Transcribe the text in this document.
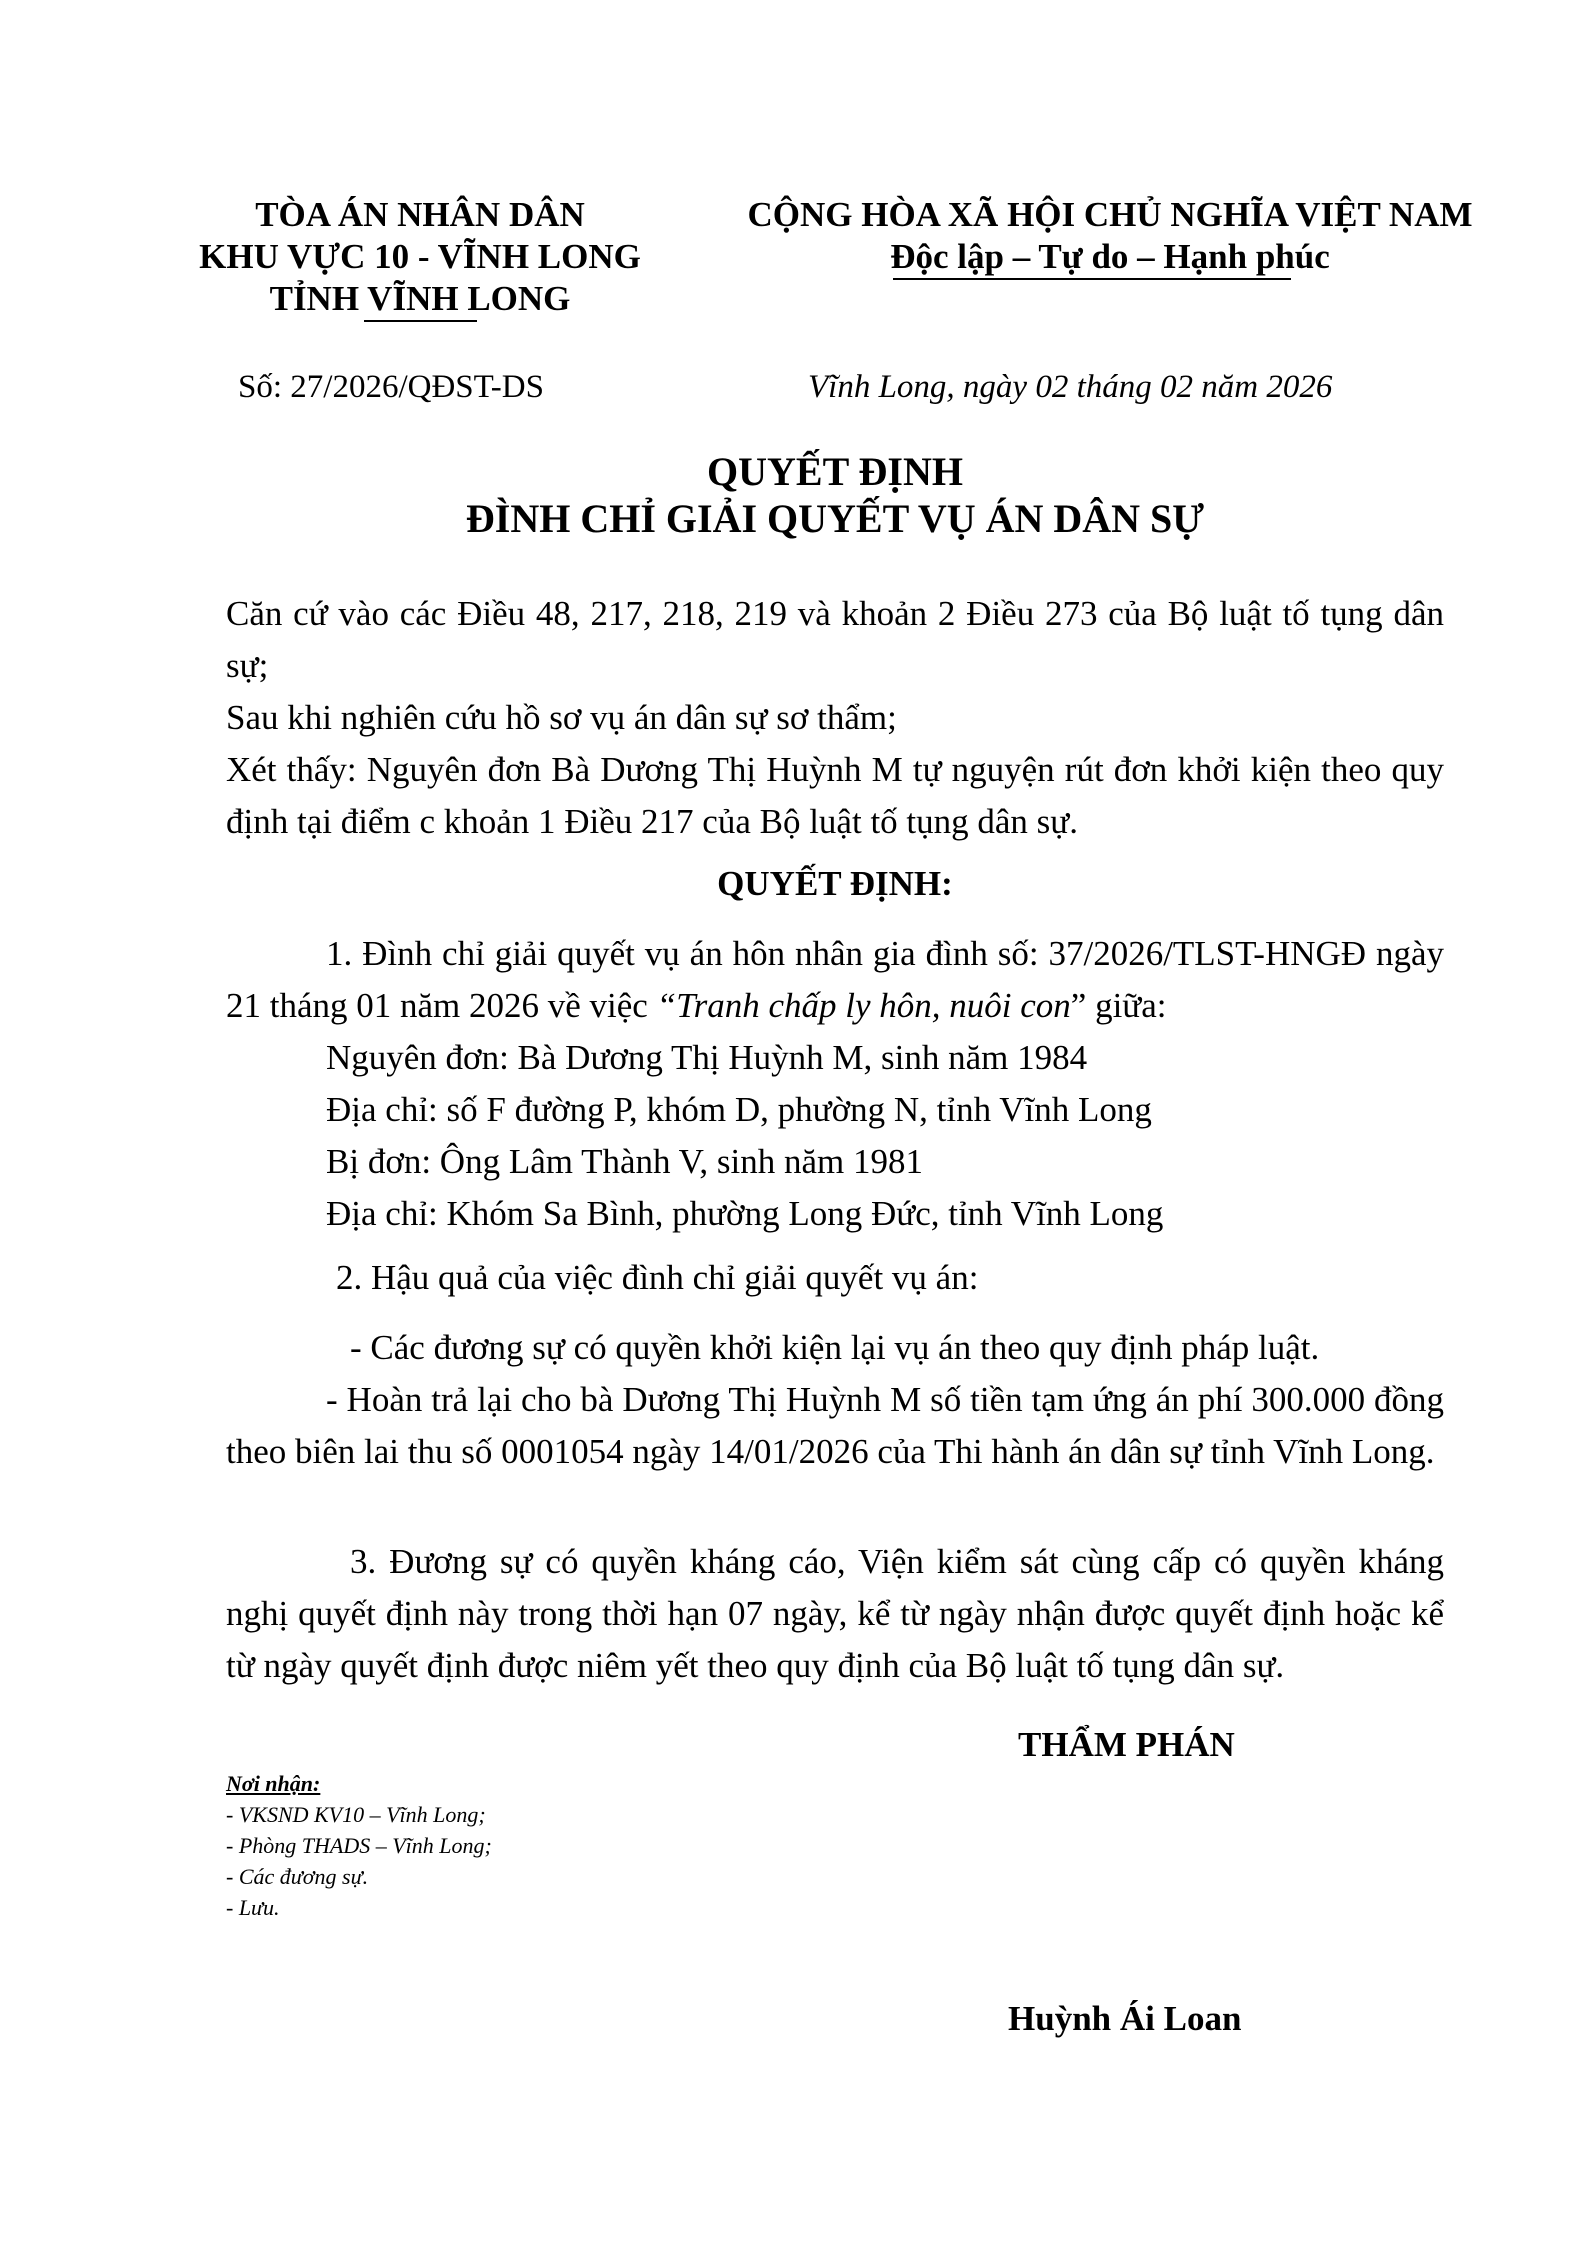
TÒA ÁN NHÂN DÂN
KHU VỰC 10 - VĨNH LONG
TỈNH VĨNH LONG
CỘNG HÒA XÃ HỘI CHỦ NGHĨA VIỆT NAM
Độc lập – Tự do – Hạnh phúc
Số: 27/2026/QĐST-DS	Vĩnh Long, ngày 02 tháng 02 năm 2026
QUYẾT ĐỊNH
ĐÌNH CHỈ GIẢI QUYẾT VỤ ÁN DÂN SỰ
Căn cứ vào các Điều 48, 217, 218, 219 và khoản 2 Điều 273 của Bộ luật tố tụng dân sự;
Sau khi nghiên cứu hồ sơ vụ án dân sự sơ thẩm;
Xét thấy: Nguyên đơn Bà Dương Thị Huỳnh M tự nguyện rút đơn khởi kiện theo quy định tại điểm c khoản 1 Điều 217 của Bộ luật tố tụng dân sự.
QUYẾT ĐỊNH:
1. Đình chỉ giải quyết vụ án hôn nhân gia đình số: 37/2026/TLST-HNGĐ ngày 21 tháng 01 năm 2026 về việc “Tranh chấp ly hôn, nuôi con” giữa:
Nguyên đơn: Bà Dương Thị Huỳnh M, sinh năm 1984
Địa chỉ: số F đường P, khóm D, phường N, tỉnh Vĩnh Long
Bị đơn: Ông Lâm Thành V, sinh năm 1981
Địa chỉ: Khóm Sa Bình, phường Long Đức, tỉnh Vĩnh Long
2. Hậu quả của việc đình chỉ giải quyết vụ án:
- Các đương sự có quyền khởi kiện lại vụ án theo quy định pháp luật.
- Hoàn trả lại cho bà Dương Thị Huỳnh M số tiền tạm ứng án phí 300.000 đồng theo biên lai thu số 0001054 ngày 14/01/2026 của Thi hành án dân sự tỉnh Vĩnh Long.
3. Đương sự có quyền kháng cáo, Viện kiểm sát cùng cấp có quyền kháng nghị quyết định này trong thời hạn 07 ngày, kể từ ngày nhận được quyết định hoặc kể từ ngày quyết định được niêm yết theo quy định của Bộ luật tố tụng dân sự.
THẨM PHÁN
Nơi nhận:
- VKSND KV10 – Vĩnh Long;
- Phòng THADS – Vĩnh Long;
- Các đương sự.
- Lưu.
Huỳnh Ái Loan
